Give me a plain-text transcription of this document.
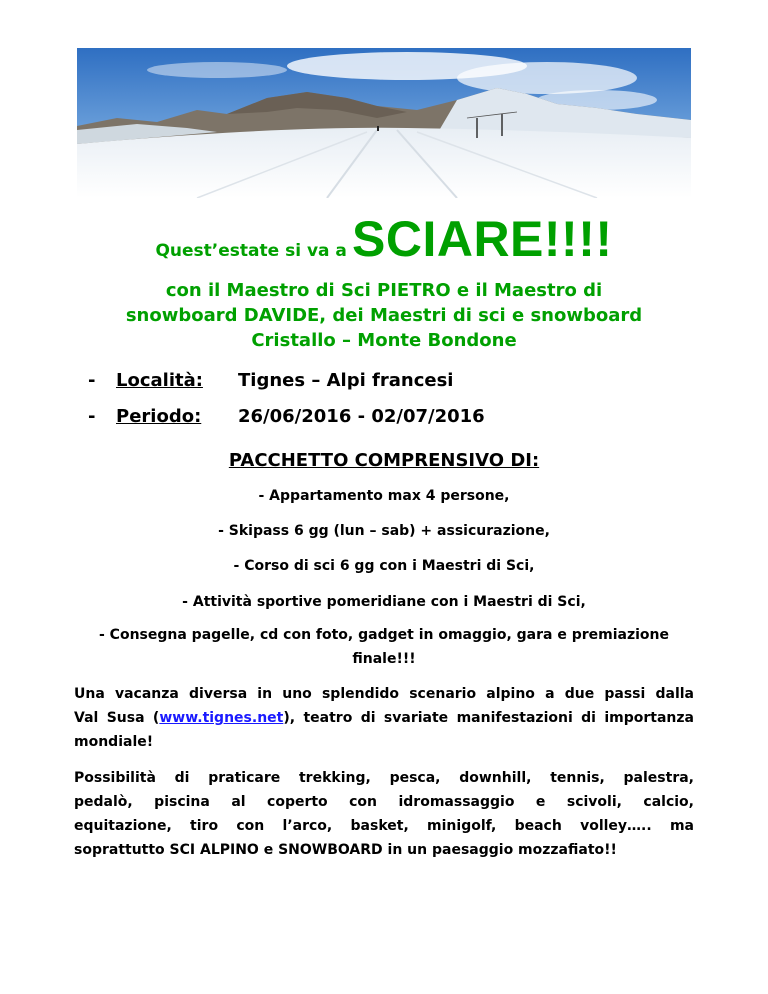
Quest’estate si va a SCIARE!!!!
con il Maestro di Sci PIETRO e il Maestro di
snowboard DAVIDE, dei Maestri di sci e snowboard
Cristallo – Monte Bondone
- Località: Tignes – Alpi francesi
- Periodo: 26/06/2016 - 02/07/2016
PACCHETTO COMPRENSIVO DI:
- Appartamento max 4 persone,
- Skipass 6 gg (lun – sab) + assicurazione,
- Corso di sci 6 gg con i Maestri di Sci,
- Attività sportive pomeridiane con i Maestri di Sci,
- Consegna pagelle, cd con foto, gadget in omaggio, gara e premiazione
finale!!!
Una vacanza diversa in uno splendido scenario alpino a due passi dalla
Val Susa (www.tignes.net), teatro di svariate manifestazioni di importanza
mondiale!
Possibilità di praticare trekking, pesca, downhill, tennis, palestra,
pedalò, piscina al coperto con idromassaggio e scivoli, calcio,
equitazione, tiro con l’arco, basket, minigolf, beach volley….. ma
soprattutto SCI ALPINO e SNOWBOARD in un paesaggio mozzafiato!!
